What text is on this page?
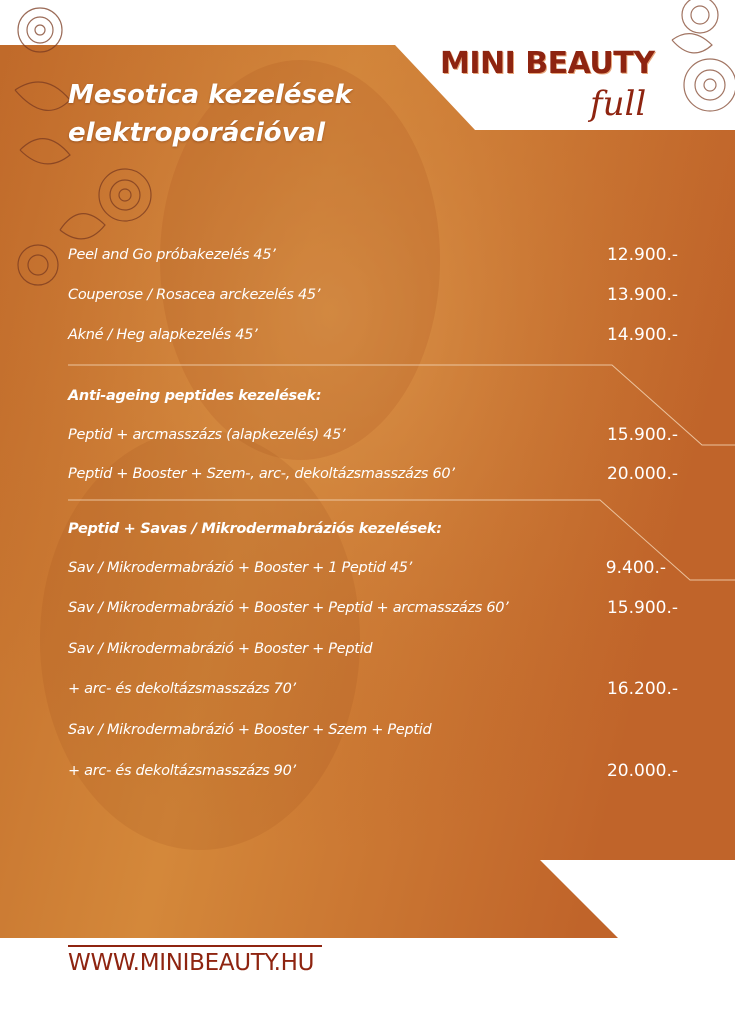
Mesotica kezelések
elektroporációval
MINI BEAUTY
full
Peel and Go próbakezelés 45’	12.900.-
Couperose / Rosacea arckezelés 45’	13.900.-
Akné / Heg alapkezelés 45’	14.900.-
Anti-ageing peptides kezelések:
Peptid + arcmasszázs (alapkezelés) 45’	15.900.-
Peptid + Booster + Szem-, arc-, dekoltázsmasszázs 60’	20.000.-
Peptid + Savas / Mikrodermabráziós kezelések:
Sav / Mikrodermabrázió + Booster + 1 Peptid 45’	9.400.-
Sav / Mikrodermabrázió + Booster + Peptid + arcmasszázs 60’	15.900.-
Sav / Mikrodermabrázió + Booster + Peptid
+ arc- és dekoltázsmasszázs 70’	16.200.-
Sav / Mikrodermabrázió + Booster + Szem + Peptid
+ arc- és dekoltázsmasszázs 90’	20.000.-
WWW.MINIBEAUTY.HU
